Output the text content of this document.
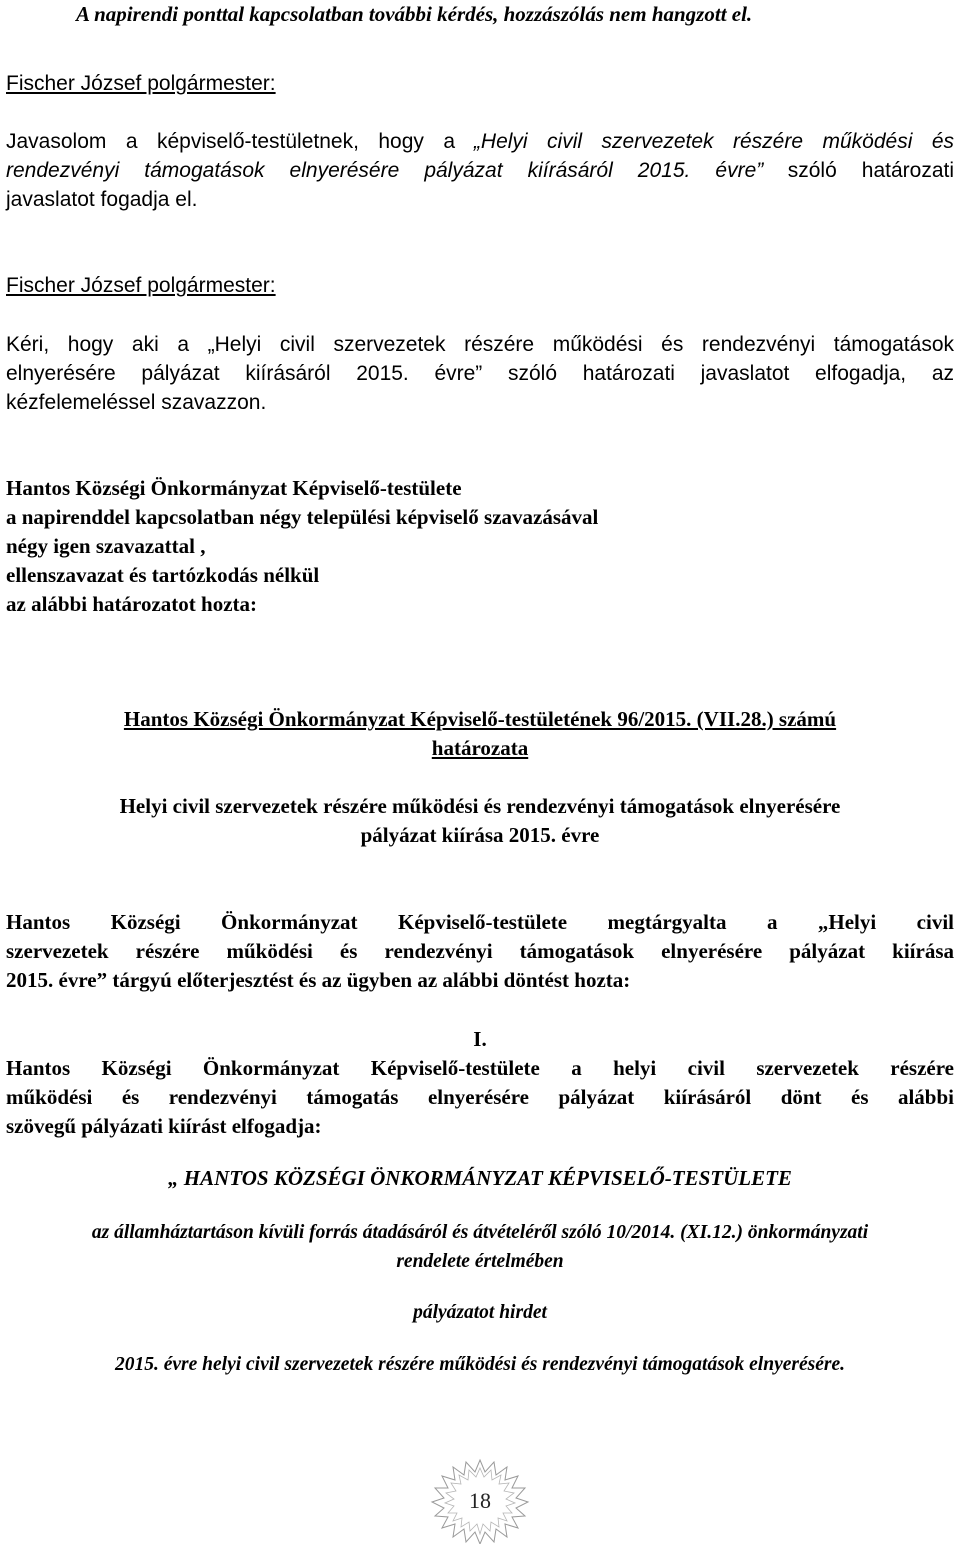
A napirendi ponttal kapcsolatban további kérdés, hozzászólás nem hangzott el.
Fischer József polgármester:
Javasolom a képviselő-testületnek, hogy a „Helyi civil szervezetek részére működési és
rendezvényi támogatások elnyerésére pályázat kiírásáról 2015. évre” szóló határozati
javaslatot fogadja el.
Fischer József polgármester:
Kéri, hogy aki a „Helyi civil szervezetek részére működési és rendezvényi támogatások
elnyerésére pályázat kiírásáról 2015. évre” szóló határozati javaslatot elfogadja, az
kézfelemeléssel szavazzon.
Hantos Községi Önkormányzat Képviselő-testülete
a napirenddel kapcsolatban négy települési képviselő szavazásával
négy igen szavazattal ,
ellenszavazat és tartózkodás nélkül
az alábbi határozatot hozta:
Hantos Községi Önkormányzat Képviselő-testületének 96/2015. (VII.28.) számú
határozata
Helyi civil szervezetek részére működési és rendezvényi támogatások elnyerésére
pályázat kiírása 2015. évre
Hantos Községi Önkormányzat Képviselő-testülete megtárgyalta a „Helyi civil
szervezetek részére működési és rendezvényi támogatások elnyerésére pályázat kiírása
2015. évre” tárgyú előterjesztést és az ügyben az alábbi döntést hozta:
I.
Hantos Községi Önkormányzat Képviselő-testülete a helyi civil szervezetek részére
működési és rendezvényi támogatás elnyerésére pályázat kiírásáról dönt és alábbi
szövegű pályázati kiírást elfogadja:
„ HANTOS KÖZSÉGI ÖNKORMÁNYZAT KÉPVISELŐ-TESTÜLETE
az államháztartáson kívüli forrás átadásáról és átvételéről szóló 10/2014. (XI.12.) önkormányzati
rendelete értelmében
pályázatot hirdet
2015. évre helyi civil szervezetek részére működési és rendezvényi támogatások elnyerésére.
18
